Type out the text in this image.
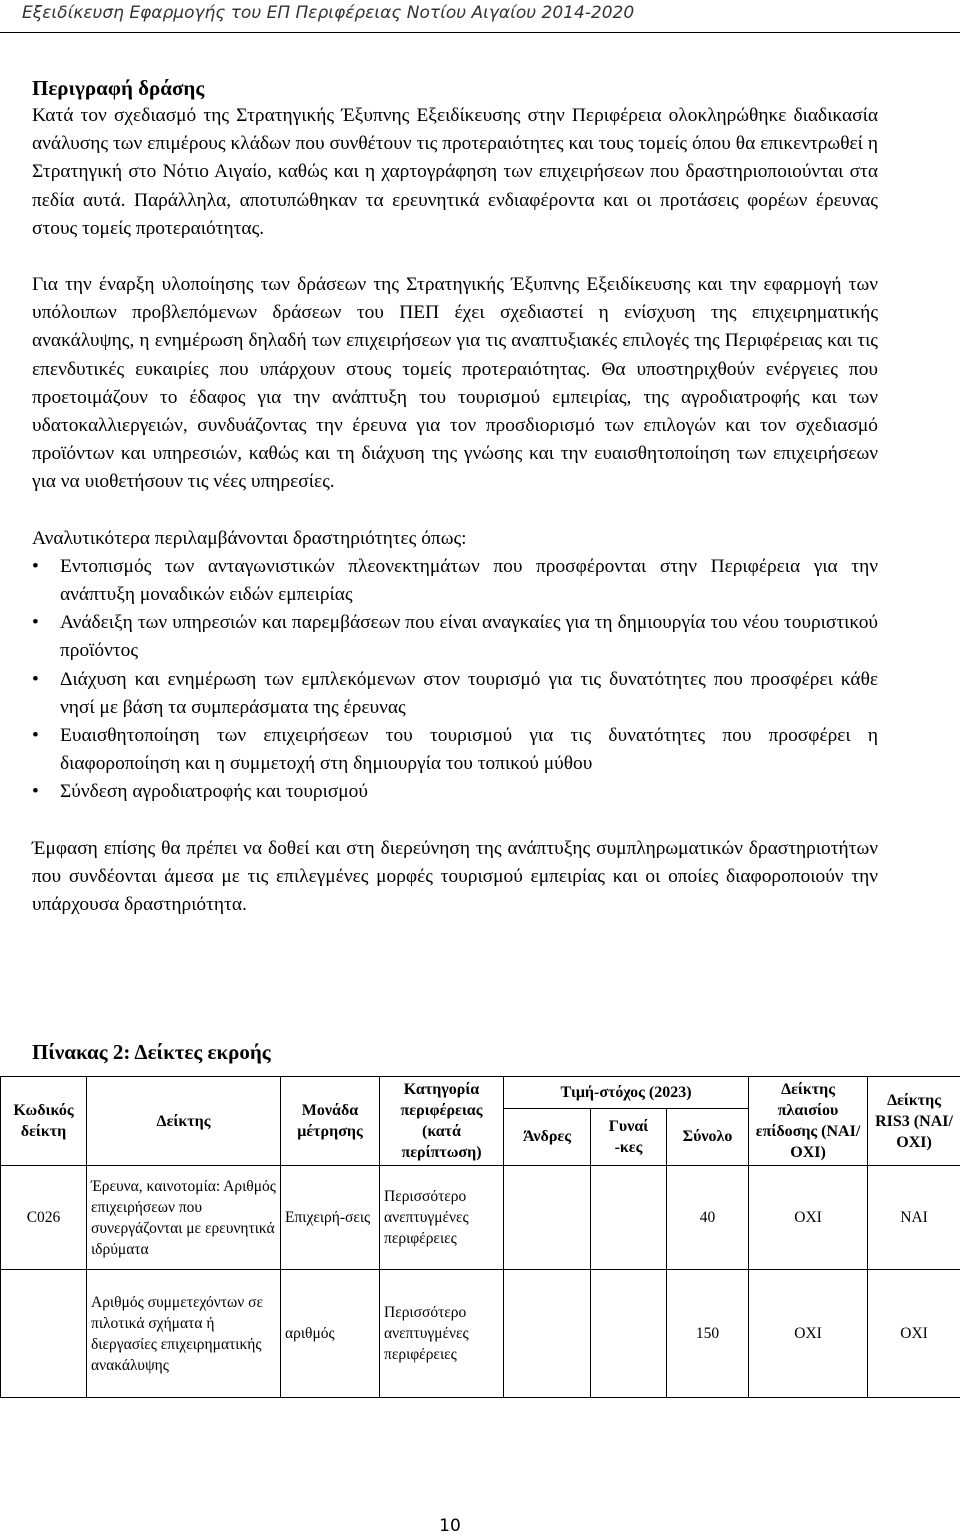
Εξειδίκευση Εφαρμογής του ΕΠ Περιφέρειας Νοτίου Αιγαίου 2014-2020
Περιγραφή δράσης

Κατά τον σχεδιασμό της Στρατηγικής Έξυπνης Εξειδίκευσης στην Περιφέρεια ολοκληρώθηκε διαδικασία ανάλυσης των επιμέρους κλάδων που συνθέτουν τις προτεραιότητες και τους τομείς όπου θα επικεντρωθεί η Στρατηγική στο Νότιο Αιγαίο, καθώς και η χαρτογράφηση των επιχειρήσεων που δραστηριοποιούνται στα πεδία αυτά. Παράλληλα, αποτυπώθηκαν τα ερευνητικά ενδιαφέροντα και οι προτάσεις φορέων έρευνας στους τομείς προτεραιότητας.

Για την έναρξη υλοποίησης των δράσεων της Στρατηγικής Έξυπνης Εξειδίκευσης και την εφαρμογή των υπόλοιπων προβλεπόμενων δράσεων του ΠΕΠ έχει σχεδιαστεί η ενίσχυση της επιχειρηματικής ανακάλυψης, η ενημέρωση δηλαδή των επιχειρήσεων για τις αναπτυξιακές επιλογές της Περιφέρειας και τις επενδυτικές ευκαιρίες που υπάρχουν στους τομείς προτεραιότητας. Θα υποστηριχθούν ενέργειες που προετοιμάζουν το έδαφος για την ανάπτυξη του τουρισμού εμπειρίας, της αγροδιατροφής και των υδατοκαλλιεργειών, συνδυάζοντας την έρευνα για τον προσδιορισμό των επιλογών και τον σχεδιασμό προϊόντων και υπηρεσιών, καθώς και τη διάχυση της γνώσης και την ευαισθητοποίηση των επιχειρήσεων για να υιοθετήσουν τις νέες υπηρεσίες.

Αναλυτικότερα περιλαμβάνονται δραστηριότητες όπως:

• Εντοπισμός των ανταγωνιστικών πλεονεκτημάτων που προσφέρονται στην Περιφέρεια για την ανάπτυξη μοναδικών ειδών εμπειρίας
• Ανάδειξη των υπηρεσιών και παρεμβάσεων που είναι αναγκαίες για τη δημιουργία του νέου τουριστικού προϊόντος
• Διάχυση και ενημέρωση των εμπλεκόμενων στον τουρισμό για τις δυνατότητες που προσφέρει κάθε νησί με βάση τα συμπεράσματα της έρευνας
• Ευαισθητοποίηση των επιχειρήσεων του τουρισμού για τις δυνατότητες που προσφέρει η διαφοροποίηση και η συμμετοχή στη δημιουργία του τοπικού μύθου
• Σύνδεση αγροδιατροφής και τουρισμού

Έμφαση επίσης θα πρέπει να δοθεί και στη διερεύνηση της ανάπτυξης συμπληρωματικών δραστηριοτήτων που συνδέονται άμεσα με τις επιλεγμένες μορφές τουρισμού εμπειρίας και οι οποίες διαφοροποιούν την υπάρχουσα δραστηριότητα.

Πίνακας 2: Δείκτες εκροής
Κωδικός δείκτη	Δείκτης	Μονάδα μέτρησης	Κατηγορία περιφέρειας (κατά περίπτωση)	Τιμή-στόχος (2023)			Δείκτης πλαισίου επίδοσης (ΝΑΙ/ ΟΧΙ)	Δείκτης RIS3 (ΝΑΙ/ ΟΧΙ)
				Άνδρες	Γυναί -κες	Σύνολο		
C026	Έρευνα, καινοτομία: Αριθμός επιχειρήσεων που συνεργάζονται με ερευνητικά ιδρύματα	Επιχειρή-σεις	Περισσότερο ανεπτυγμένες περιφέρειες			40	ΟΧΙ	ΝΑΙ
	Αριθμός συμμετεχόντων σε πιλοτικά σχήματα ή διεργασίες επιχειρηματικής ανακάλυψης	αριθμός	Περισσότερο ανεπτυγμένες περιφέρειες			150	ΟΧΙ	ΟΧΙ
10
